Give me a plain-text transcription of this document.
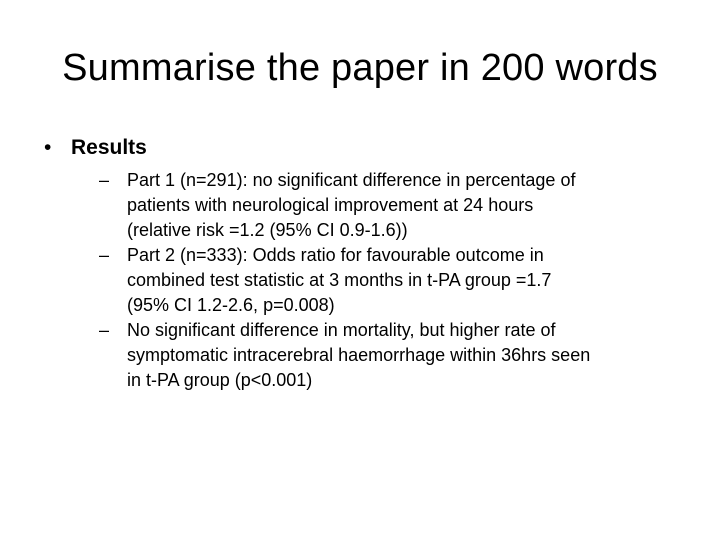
Summarise the paper in 200 words
• Results
– Part 1 (n=291): no significant difference in percentage of
patients with neurological improvement at 24 hours
(relative risk =1.2 (95% CI 0.9-1.6))
– Part 2 (n=333): Odds ratio for favourable outcome in
combined test statistic at 3 months in t-PA group =1.7
(95% CI 1.2-2.6, p=0.008)
– No significant difference in mortality, but higher rate of
symptomatic intracerebral haemorrhage within 36hrs seen
in t-PA group (p<0.001)
